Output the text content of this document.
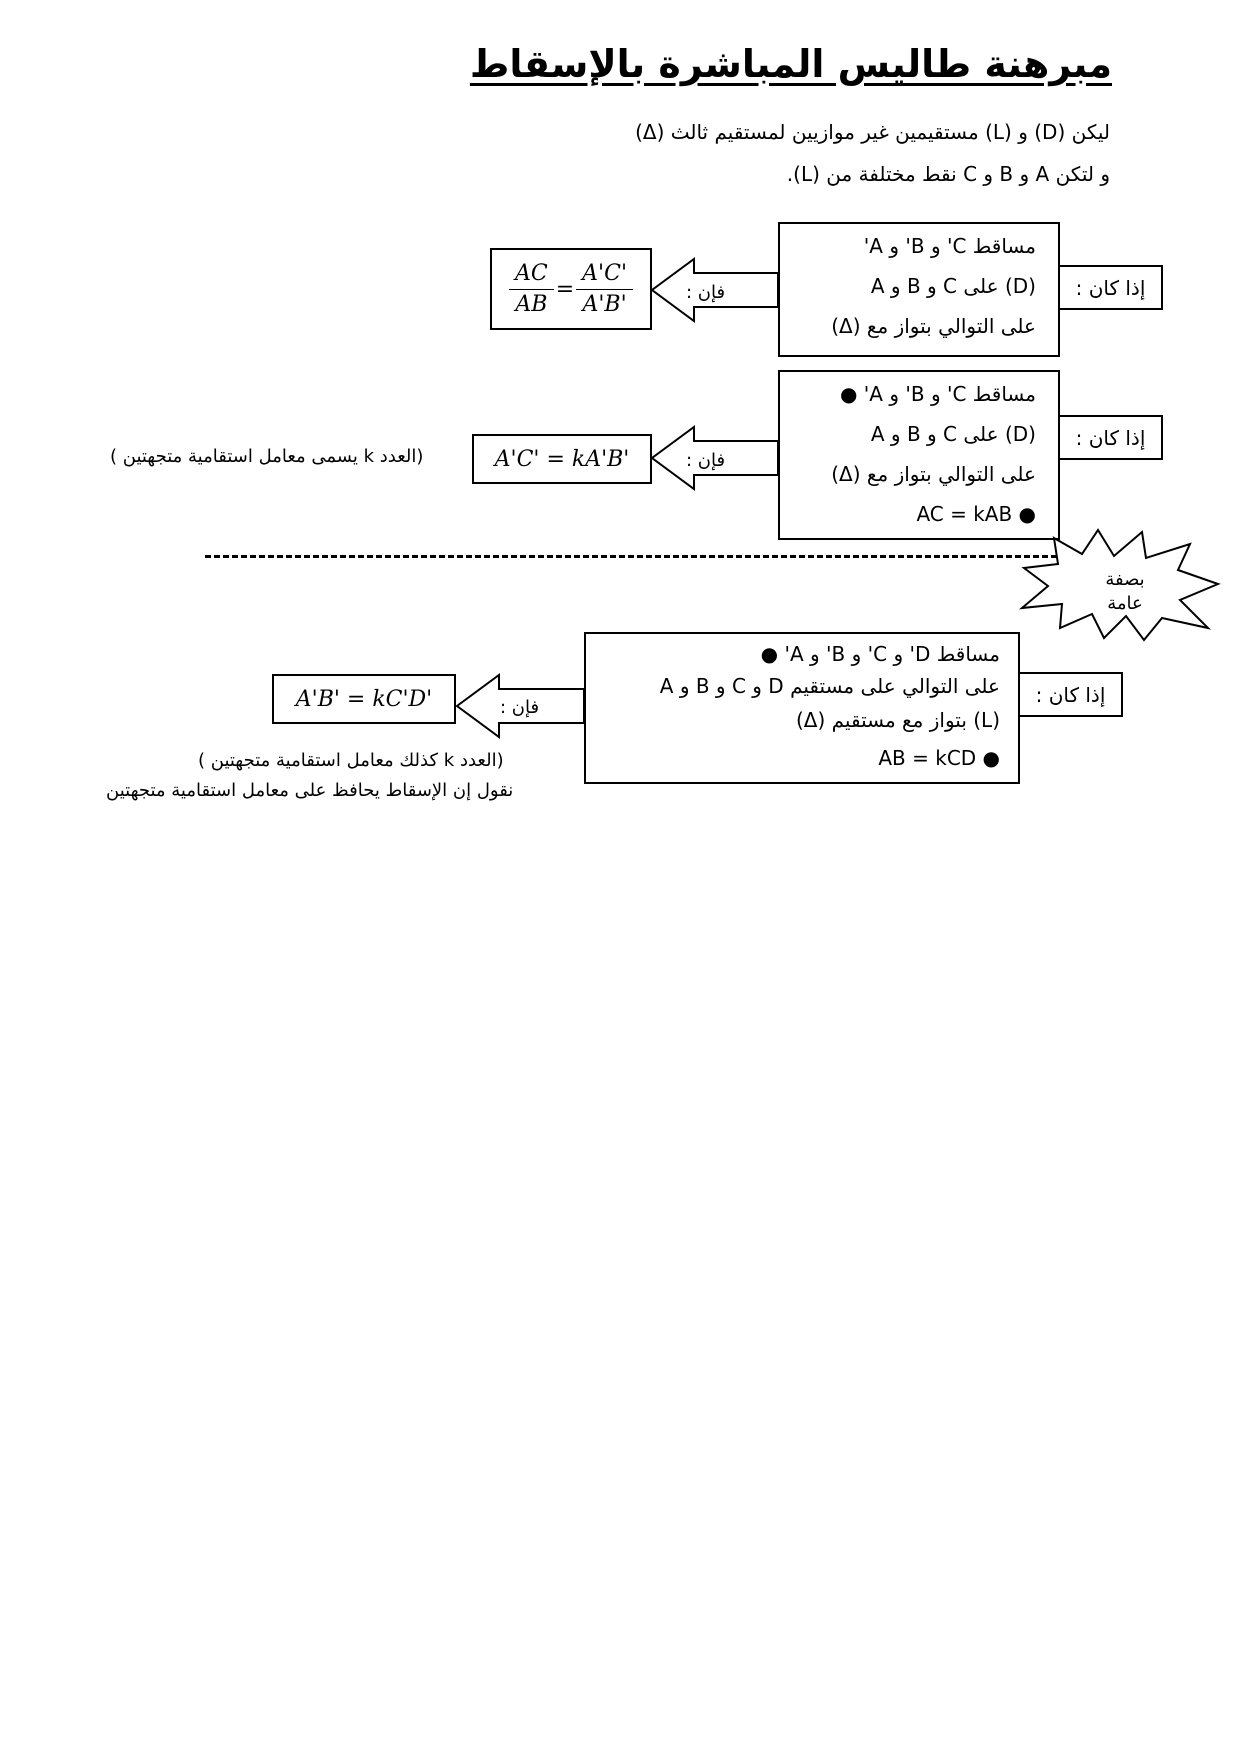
مبرهنة طاليس المباشرة بالإسقاط
ليكن (D) و (L) مستقيمين غير موازيين لمستقيم ثالث (Δ)
و لتكن A و B و C نقط مختلفة من (L).
إذا كان :
'A و 'B و 'C مساقط
A و B و C على (D)
على التوالي بتواز مع (Δ)
فإن :
$\frac{AC}{AB} = \frac{A'C'}{A'B'}$
إذا كان :
● 'A و 'B و 'C مساقط
A و B و C على (D)
على التوالي بتواز مع (Δ)
AC = kAB ●
فإن :
A'C' = kA'B'
(العدد k يسمى معامل استقامية متجهتين )
بصفة
عامة
إذا كان :
● 'A و 'B و 'C و 'D مساقط
A و B و C و D على التوالي على مستقيم
(Δ) بتواز مع مستقيم (L)
AB = kCD ●
فإن :
A'B' = kC'D'
(العدد k كذلك معامل استقامية متجهتين )
نقول إن الإسقاط يحافظ على معامل استقامية متجهتين
